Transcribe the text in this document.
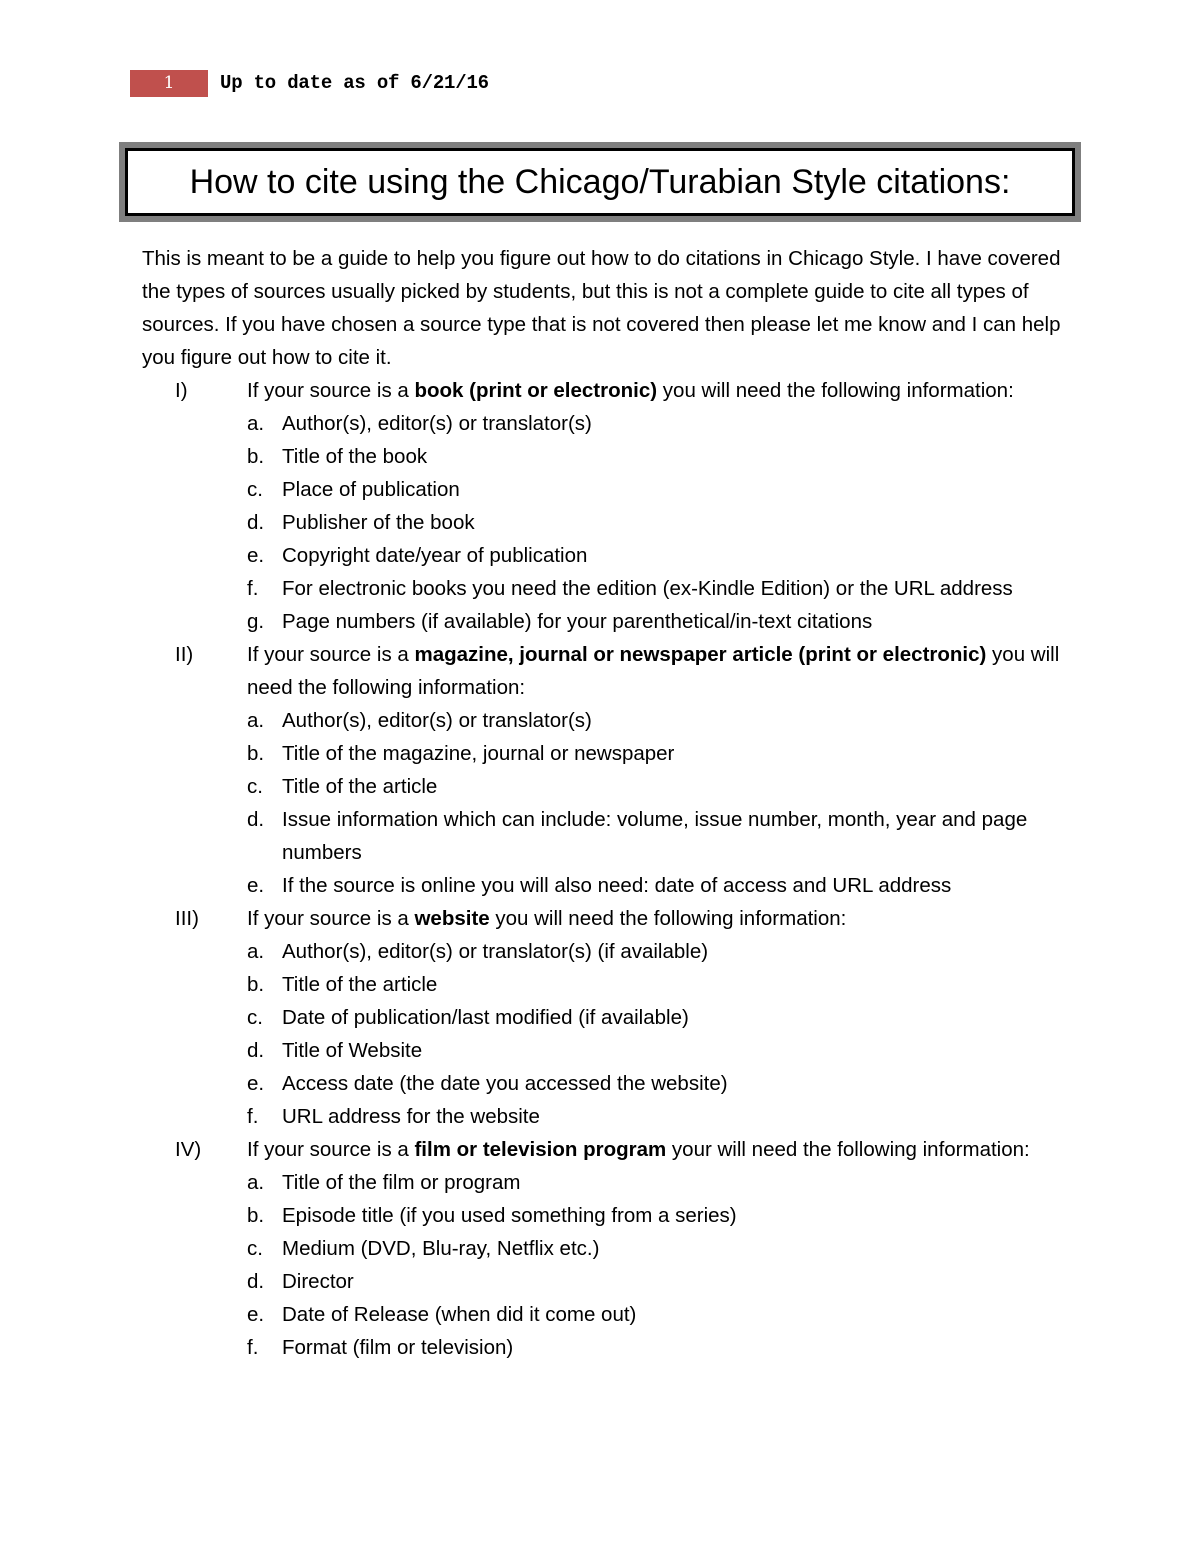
1	Up to date as of 6/21/16
How to cite using the Chicago/Turabian Style citations:

This is meant to be a guide to help you figure out how to do citations in Chicago Style. I have covered the types of sources usually picked by students, but this is not a complete guide to cite all types of sources. If you have chosen a source type that is not covered then please let me know and I can help you figure out how to cite it.

I)	If your source is a book (print or electronic) you will need the following information:
a. Author(s), editor(s) or translator(s)
b. Title of the book
c. Place of publication
d. Publisher of the book
e. Copyright date/year of publication
f. For electronic books you need the edition (ex-Kindle Edition) or the URL address
g. Page numbers (if available) for your parenthetical/in-text citations
II)	If your source is a magazine, journal or newspaper article (print or electronic) you will need the following information:
a. Author(s), editor(s) or translator(s)
b. Title of the magazine, journal or newspaper
c. Title of the article
d. Issue information which can include: volume, issue number, month, year and page numbers
e. If the source is online you will also need: date of access and URL address
III) If your source is a website you will need the following information:
a. Author(s), editor(s) or translator(s) (if available)
b. Title of the article
c. Date of publication/last modified (if available)
d. Title of Website
e. Access date (the date you accessed the website)
f. URL address for the website
IV) If your source is a film or television program your will need the following information:
a. Title of the film or program
b. Episode title (if you used something from a series)
c. Medium (DVD, Blu-ray, Netflix etc.)
d. Director
e. Date of Release (when did it come out)
f. Format (film or television)
